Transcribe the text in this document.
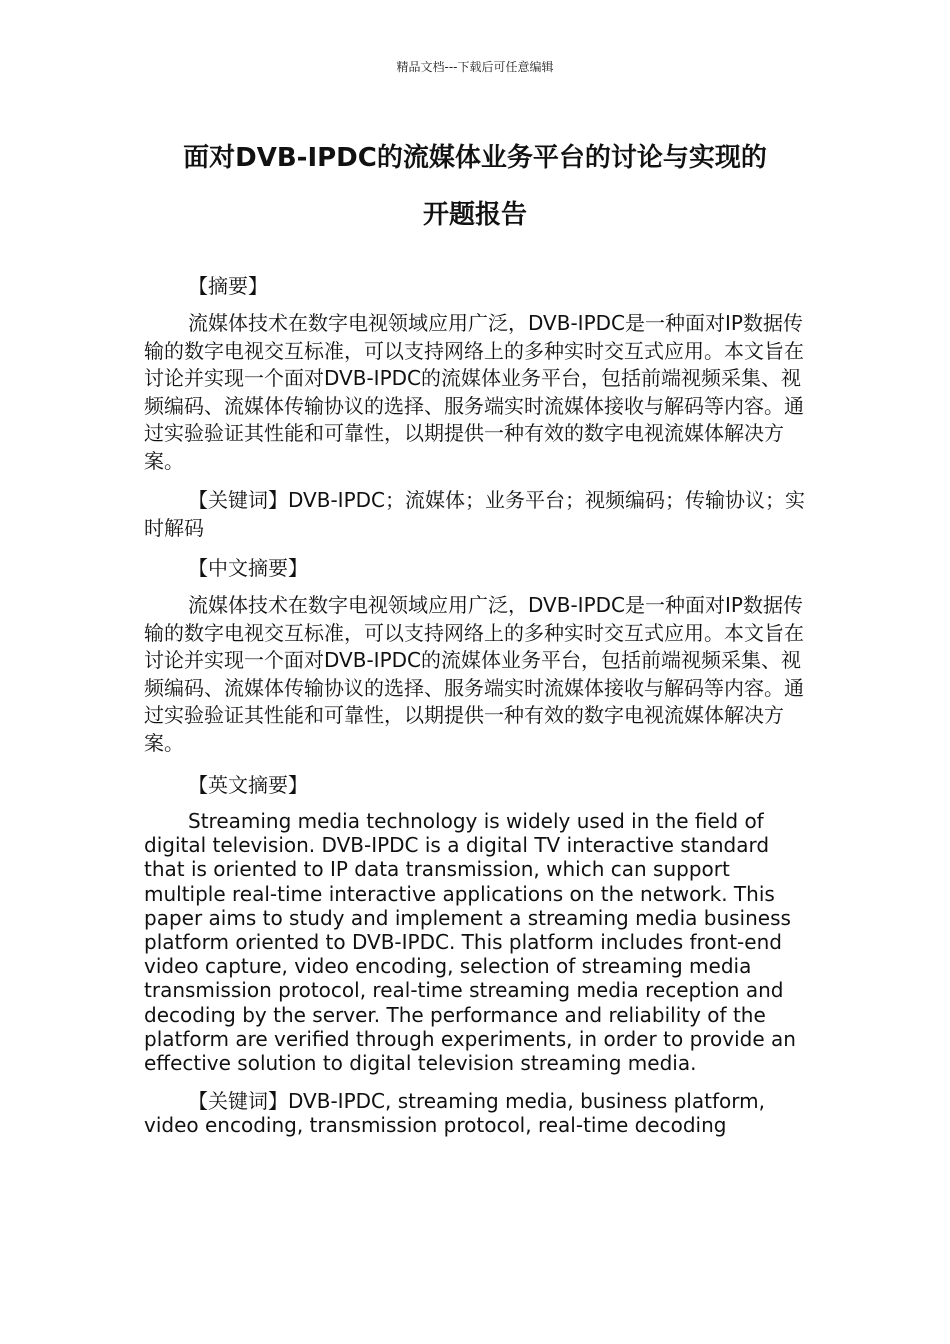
精品文档---下载后可任意编辑
面对DVB-IPDC的流媒体业务平台的讨论与实现的
开题报告
【摘要】

流媒体技术在数字电视领域应用广泛，DVB-IPDC是一种面对IP数据传输的数字电视交互标准，可以支持网络上的多种实时交互式应用。本文旨在讨论并实现一个面对DVB-IPDC的流媒体业务平台，包括前端视频采集、视频编码、流媒体传输协议的选择、服务端实时流媒体接收与解码等内容。通过实验验证其性能和可靠性，以期提供一种有效的数字电视流媒体解决方案。

【关键词】DVB-IPDC；流媒体；业务平台；视频编码；传输协议；实时解码

【中文摘要】

流媒体技术在数字电视领域应用广泛，DVB-IPDC是一种面对IP数据传输的数字电视交互标准，可以支持网络上的多种实时交互式应用。本文旨在讨论并实现一个面对DVB-IPDC的流媒体业务平台，包括前端视频采集、视频编码、流媒体传输协议的选择、服务端实时流媒体接收与解码等内容。通过实验验证其性能和可靠性，以期提供一种有效的数字电视流媒体解决方案。

【英文摘要】

Streaming media technology is widely used in the field of digital television. DVB-IPDC is a digital TV interactive standard that is oriented to IP data transmission, which can support multiple real-time interactive applications on the network. This paper aims to study and implement a streaming media business platform oriented to DVB-IPDC. This platform includes front-end video capture, video encoding, selection of streaming media transmission protocol, real-time streaming media reception and decoding by the server. The performance and reliability of the platform are verified through experiments, in order to provide an effective solution to digital television streaming media.

【关键词】DVB-IPDC, streaming media, business platform, video encoding, transmission protocol, real-time decoding
